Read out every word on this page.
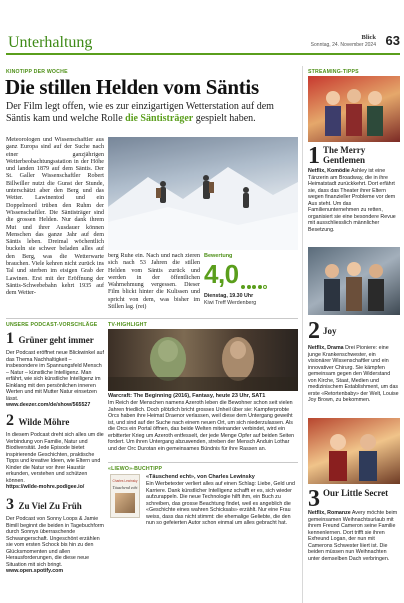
Unterhaltung	Blick
Sonntag, 24. November 2024 63
KINOTIPP DER WOCHE
Die stillen Helden vom Säntis
Der Film legt offen, wie es zur einzigartigen Wetterstation auf dem Säntis kam und welche Rolle die Säntisträger gespielt haben.
Meteorologen und Wissenschaftler aus ganz Europa sind auf der Suche nach einer ganzjährigen Wetterbeobachtungsstation in der Höhe und landen 1879 auf dem Säntis. Der St. Galler Wissenschaftler Robert Billwiller nutzt die Gunst der Stunde, unterschätzt aber den Berg und das Wetter. Lawinentod und ein Doppelmord trüben den Ruhm der Wissenschaftler. Die Säntisträger sind die grossen Helden. Nur dank ihrem Mut und ihrer Ausdauer können Menschen das ganze Jahr auf dem Säntis leben. Dreimal wöchentlich buckeln sie schwer beladen alles auf den Berg, was die Wetterwarte brauchen. Viele kehren nicht zurück ins Tal und sterben im eisigen Grab der Lawinen. Erst mit der Eröffnung der Säntis-Schwebebahn kehrt 1935 auf dem Wetter-
berg Ruhe ein. Nach und nach zieren sich nach 53 Jahren die stillen Helden vom Säntis zurück und werden in der öffentlichen Wahrnehmung vergessen. Dieser Film blickt hinter die Kulissen und spricht von dem, was bisher im Stillen lag. (rei)
Bewertung
4,0
Dienstag, 19.30 Uhr
Kiwi Treff Werdenberg
UNSERE PODCAST-VORSCHLÄGE
1 Grüner geht immer
Der Podcast eröffnet neue Blickwinkel auf das Thema Nachhaltigkeit – insbesondere im Spannungsfeld Mensch – Natur – künstliche Intelligenz. Man erfährt, wie sich künstliche Intelligenz im Einklang mit den persönlichen inneren Werten und mit Mutter Natur einsetzen lässt.
www.deezer.com/de/show/565527
2 Wilde Möhre
In diesem Podcast dreht sich alles um die Verbindung von Familie, Natur und Biodiversität. Jede Episode bietet inspirierende Geschichten, praktische Tipps und kreative Ideen, wie Eltern und Kinder die Natur vor ihrer Haustür erkunden, verstehen und schützen können.
https://wilde-mohre.podigee.io/
3 Zu Viel Zu Früh
Der Podcast von Sonny Loops & Jamie Bimill beginnt die beiden in Tagebuchform durch Sonnys überraschende Schwangerschaft. Ungeschönt erzählen sie vom ersten Schock bis hin zu den Glücksmomenten und allen Herausforderungen, die diese neue Situation mit sich bringt.
www.open.spotify.com
TV-HIGHLIGHT
Warcraft: The Beginning (2016), Fantasy, heute 23 Uhr, SAT1
Im Reich der Menschen namens Azeroth leben die Bewohner schon seit vielen Jahren friedlich. Doch plötzlich bricht grosses Unheil über sie: Kampferprobte Orcs haben ihre Heimat Draenor verlassen, weil diese dem Untergang geweiht ist, und sind auf der Suche nach einem neuen Ort, um sich niederzulassen. Als die Orcs ein Portal öffnen, das beide Welten miteinander verbindet, wird ein erbitterter Krieg um Azeroth entfesselt, der jede Menge Opfer auf beiden Seiten fordert. Um ihren Untergang abzuwenden, streben der Mensch Anduin Lothar und der Orc Durotan ein gemeinsames Bündnis für ihre Rassen an.
«LIEWO»-BUCHTIPP
Charles Lewinsky
Täuschend echt
«Täuschend echt», von Charles Lewinsky
Ein Werbetexter verliert alles auf einen Schlag: Liebe, Geld und Karriere. Dank künstlicher Intelligenz schafft er es, sich wieder aufzurappeln. Die neue Technologie hilft ihm, ein Buch zu schreiben, das grosse Beachtung findet, weil es angeblich die «Geschichte eines wahren Schicksals» erzählt. Nur eine Frau weiss, dass das nicht stimmt: die ehemalige Geliebte, die den nun so gefeierten Autor schon einmal um alles gebracht hat.
STREAMING-TIPPS
1 The Merry Gentlemen
Netflix, Komödie Ashley ist eine Tänzerin am Broadway, die in ihre Heimatstadt zurückkehrt. Dort erfährt sie, dass das Theater ihrer Eltern wegen finanzieller Probleme vor dem Aus steht. Um das Familienunternehmen zu retten, organisiert sie eine besondere Revue mit ausschliesslich männlicher Besetzung.
2 Joy
Netflix, Drama Drei Pioniere: eine junge Krankenschwester, ein visionärer Wissenschaftler und ein innovativer Chirurg. Sie kämpfen gemeinsam gegen den Widerstand von Kirche, Staat, Medien und medizinischem Establishment, um das erste «Retortenbaby» der Welt, Louise Joy Brown, zu bekommen.
3 Our Little Secret
Netflix, Romanze Avery möchte beim gemeinsamen Weihnachtsurlaub mit ihrem Freund Cameron seine Familie kennenlernen. Dort trifft sie ihren Exfreund Logan, der nun mit Camerons Schwester liiert ist. Die beiden müssen nun Weihnachten unter demselben Dach verbringen.
